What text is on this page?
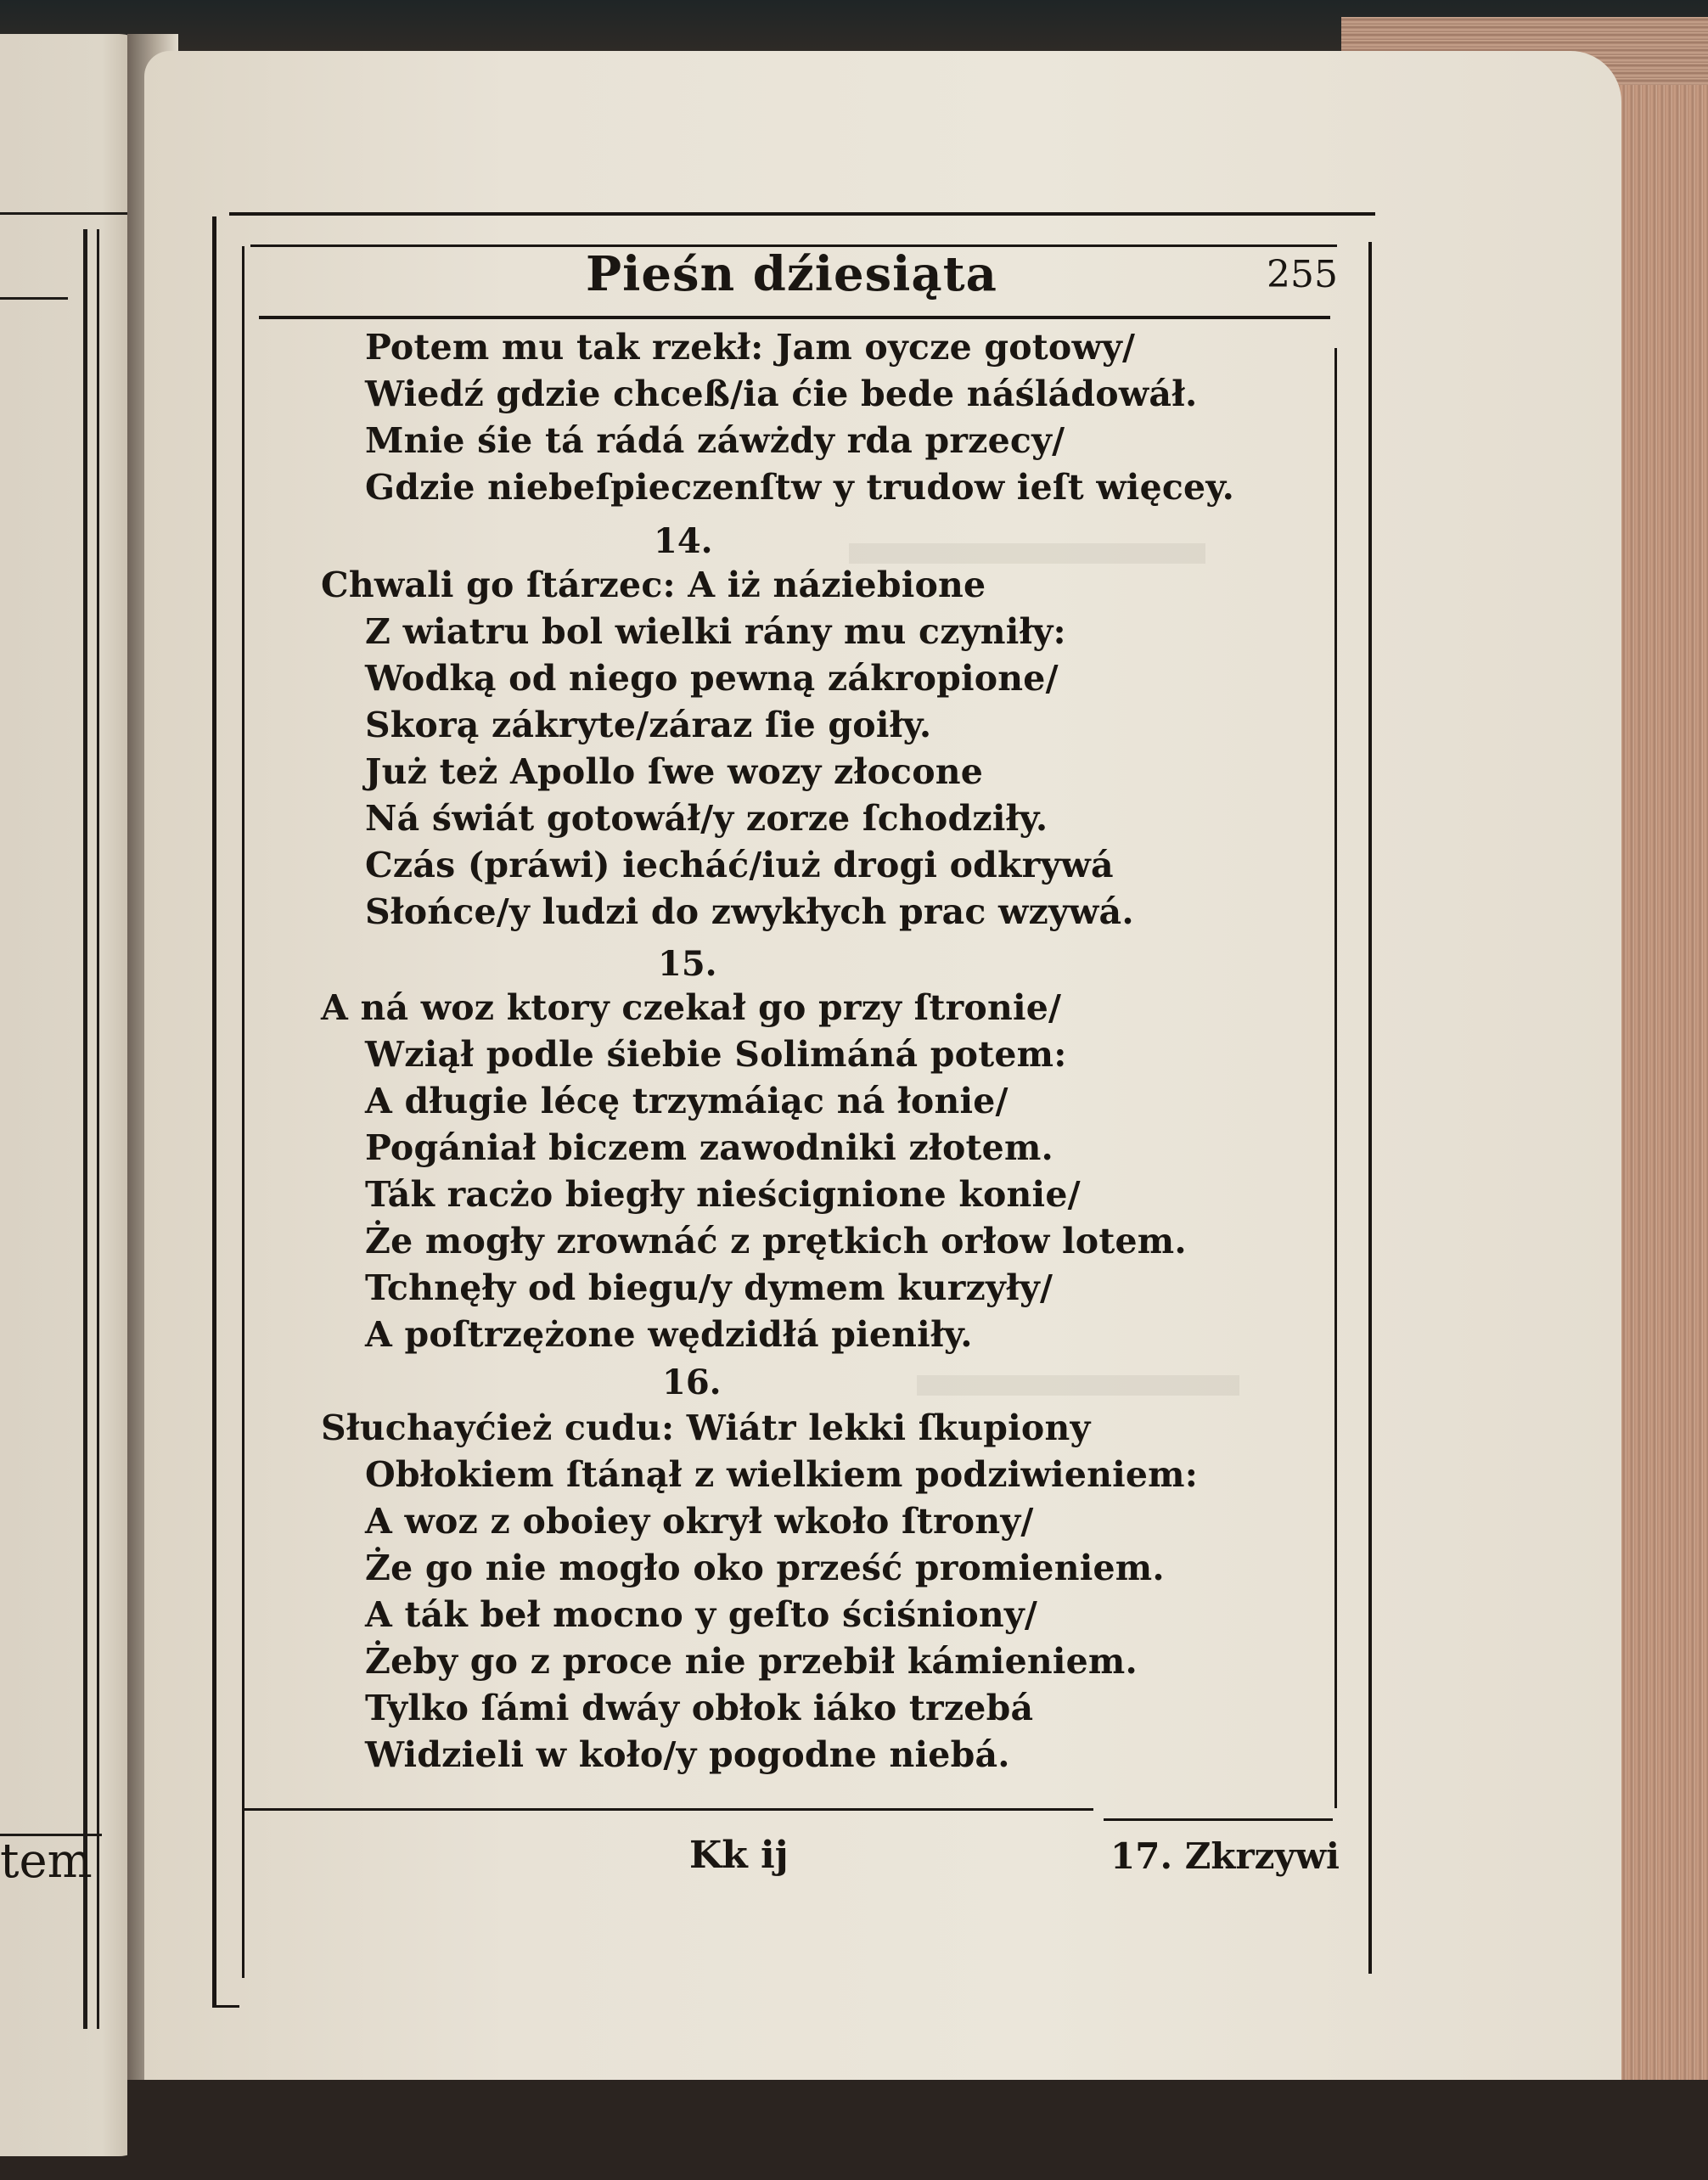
tem
Pieśn dźiesiąta	255
Potem mu tak rzekł: Jam oycze gotowy/
Wiedź gdzie chceß/ia ćie bede náśládowáł.
Mnie śie tá rádá záwżdy rda przecy/
Gdzie niebeſpieczenſtw y trudow ieſt więcey.
14.
Chwali go ſtárzec: A iż náziebione
Z wiatru bol wielki rány mu czyniły:
Wodką od niego pewną zákropione/
Skorą zákryte/záraz ſie goiły.
Już też Apollo ſwe wozy złocone
Ná świát gotowáł/y zorze ſchodziły.
Czás (práwi) iecháć/iuż drogi odkrywá
Słońce/y ludzi do zwykłych prac wzywá.
15.
A ná woz ktory czekał go przy ſtronie/
Wziął podle śiebie Solimáná potem:
A długie lécę trzymáiąc ná łonie/
Pogániał biczem zawodniki złotem.
Ták racżo biegły nieścignione konie/
Że mogły zrownáć z prętkich orłow lotem.
Tchnęły od biegu/y dymem kurzyły/
A poſtrzężone wędzidłá pieniły.
16.
Słuchayćież cudu: Wiátr lekki ſkupiony
Obłokiem ſtánął z wielkiem podziwieniem:
A woz z oboiey okrył wkoło ſtrony/
Że go nie mogło oko prześć promieniem.
A ták beł mocno y geſto ściśniony/
Żeby go z proce nie przebił kámieniem.
Tylko ſámi dwáy obłok iáko trzebá
Widzieli w koło/y pogodne niebá.
Kk ij	17. Zkrzywi
